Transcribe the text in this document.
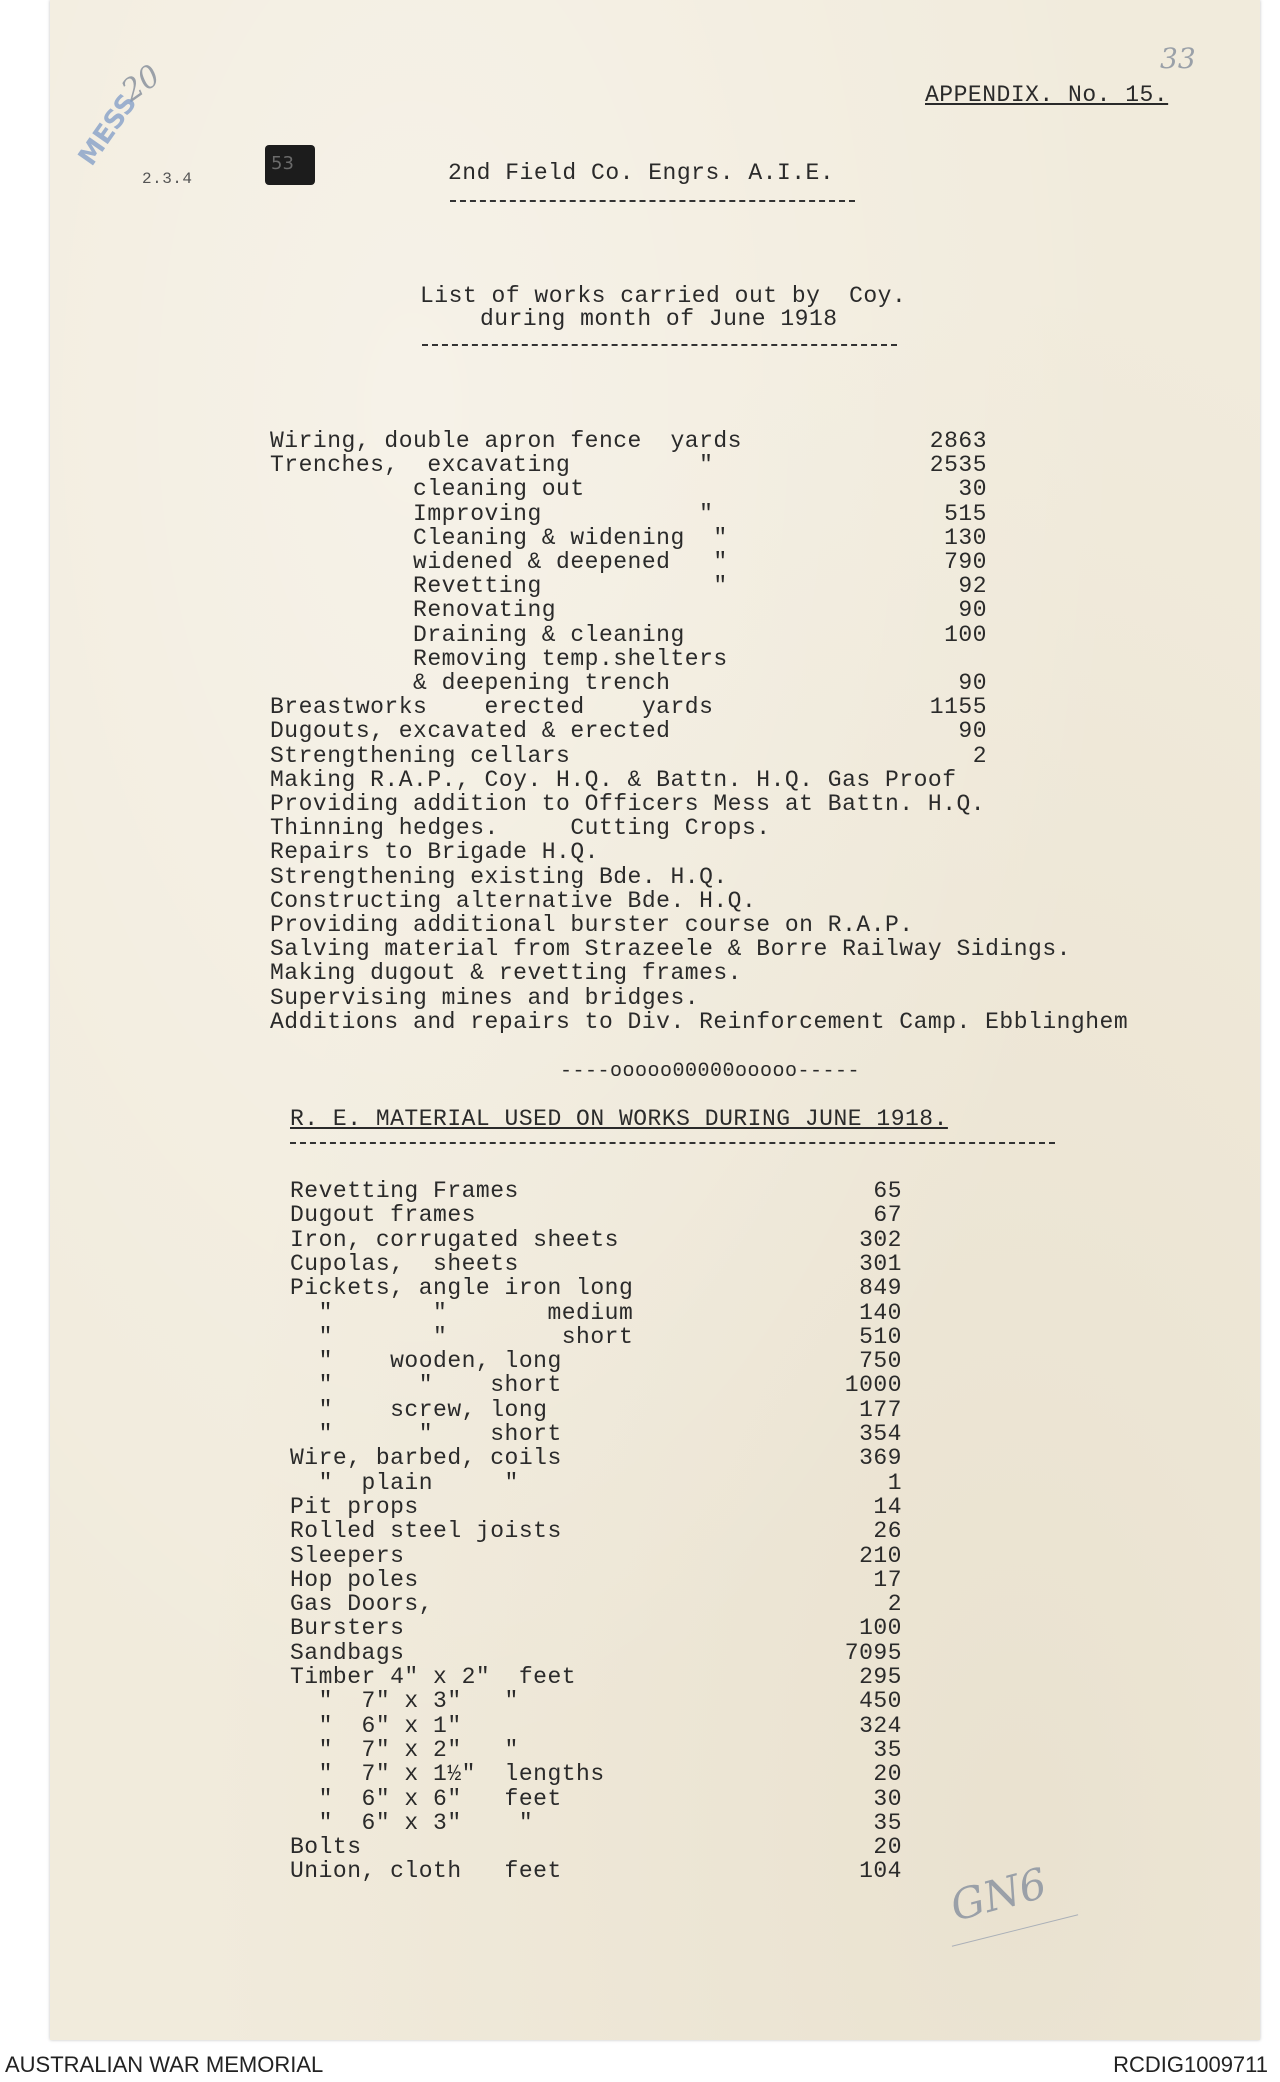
20
MESS
2.3.4
53
33
APPENDIX. No. 15.
2nd Field Co. Engrs. A.I.E.
List of works carried out by  Coy.
during month of June 1918
Wiring, double apron fence  yards	2863
Trenches,  excavating         "	2535
cleaning out	30
Improving           "	515
Cleaning & widening  "	130
widened & deepened   "	790
Revetting            "	92
Renovating	90
Draining & cleaning	100
Removing temp.shelters
& deepening trench	90
Breastworks    erected    yards	1155
Dugouts, excavated & erected	90
Strengthening cellars	2
Making R.A.P., Coy. H.Q. & Battn. H.Q. Gas Proof
Providing addition to Officers Mess at Battn. H.Q.
Thinning hedges.     Cutting Crops.
Repairs to Brigade H.Q.
Strengthening existing Bde. H.Q.
Constructing alternative Bde. H.Q.
Providing additional burster course on R.A.P.
Salving material from Strazeele & Borre Railway Sidings.
Making dugout & revetting frames.
Supervising mines and bridges.
Additions and repairs to Div. Reinforcement Camp. Ebblinghem
----ooooo00000ooooo-----
R. E. MATERIAL USED ON WORKS DURING JUNE 1918.
Revetting Frames	65
Dugout frames	67
Iron, corrugated sheets	302
Cupolas,  sheets	301
Pickets, angle iron long	849
"       "       medium	140
"       "        short	510
"    wooden, long	750
"      "    short	1000
"    screw, long	177
"      "    short	354
Wire, barbed, coils	369
"  plain     "	1
Pit props	14
Rolled steel joists	26
Sleepers	210
Hop poles	17
Gas Doors,	2
Bursters	100
Sandbags	7095
Timber 4" x 2"  feet	295
"  7" x 3"   "	450
"  6" x 1"	324
"  7" x 2"   "	35
"  7" x 1½"  lengths	20
"  6" x 6"   feet	30
"  6" x 3"    "	35
Bolts	20
Union, cloth   feet	104 GN6
AUSTRALIAN WAR MEMORIAL	RCDIG1009711
